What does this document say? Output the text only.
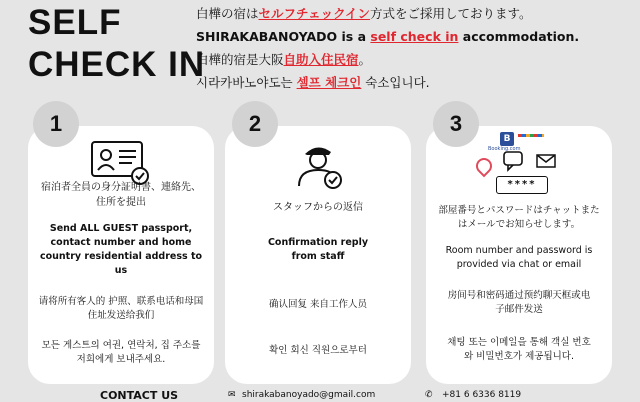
SELF
CHECK IN
白樺の宿はセルフチェックイン方式をご採用しております。
SHIRAKABANOYADO is a self check in accommodation.
白樺的宿是大阪自助入住民宿。
시라카바노야도는 셀프 체크인 숙소입니다.
宿泊者全員の身分証明書、連絡先、住所を提出
Send ALL GUEST passport, contact number and home country residential address to us
请将所有客人的 护照、联系电话和母国住址发送给我们
모든 게스트의 여권, 연락처, 집 주소를 저희에게 보내주세요.
スタッフからの返信
Confirmation reply from staff
确认回复 来自工作人员
확인 회신 직원으로부터
B
Booking.com
****
部屋番号とパスワードはチャットまたはメールでお知らせします。
Room number and password is provided via chat or email
房间号和密码通过预约聊天框或电子邮件发送
채팅 또는 이메일을 통해 객실 번호와 비밀번호가 제공됩니다.
1	2	3
CONTACT US	✉ shirakabanoyado@gmail.com	✆ +81 6 6336 8119
